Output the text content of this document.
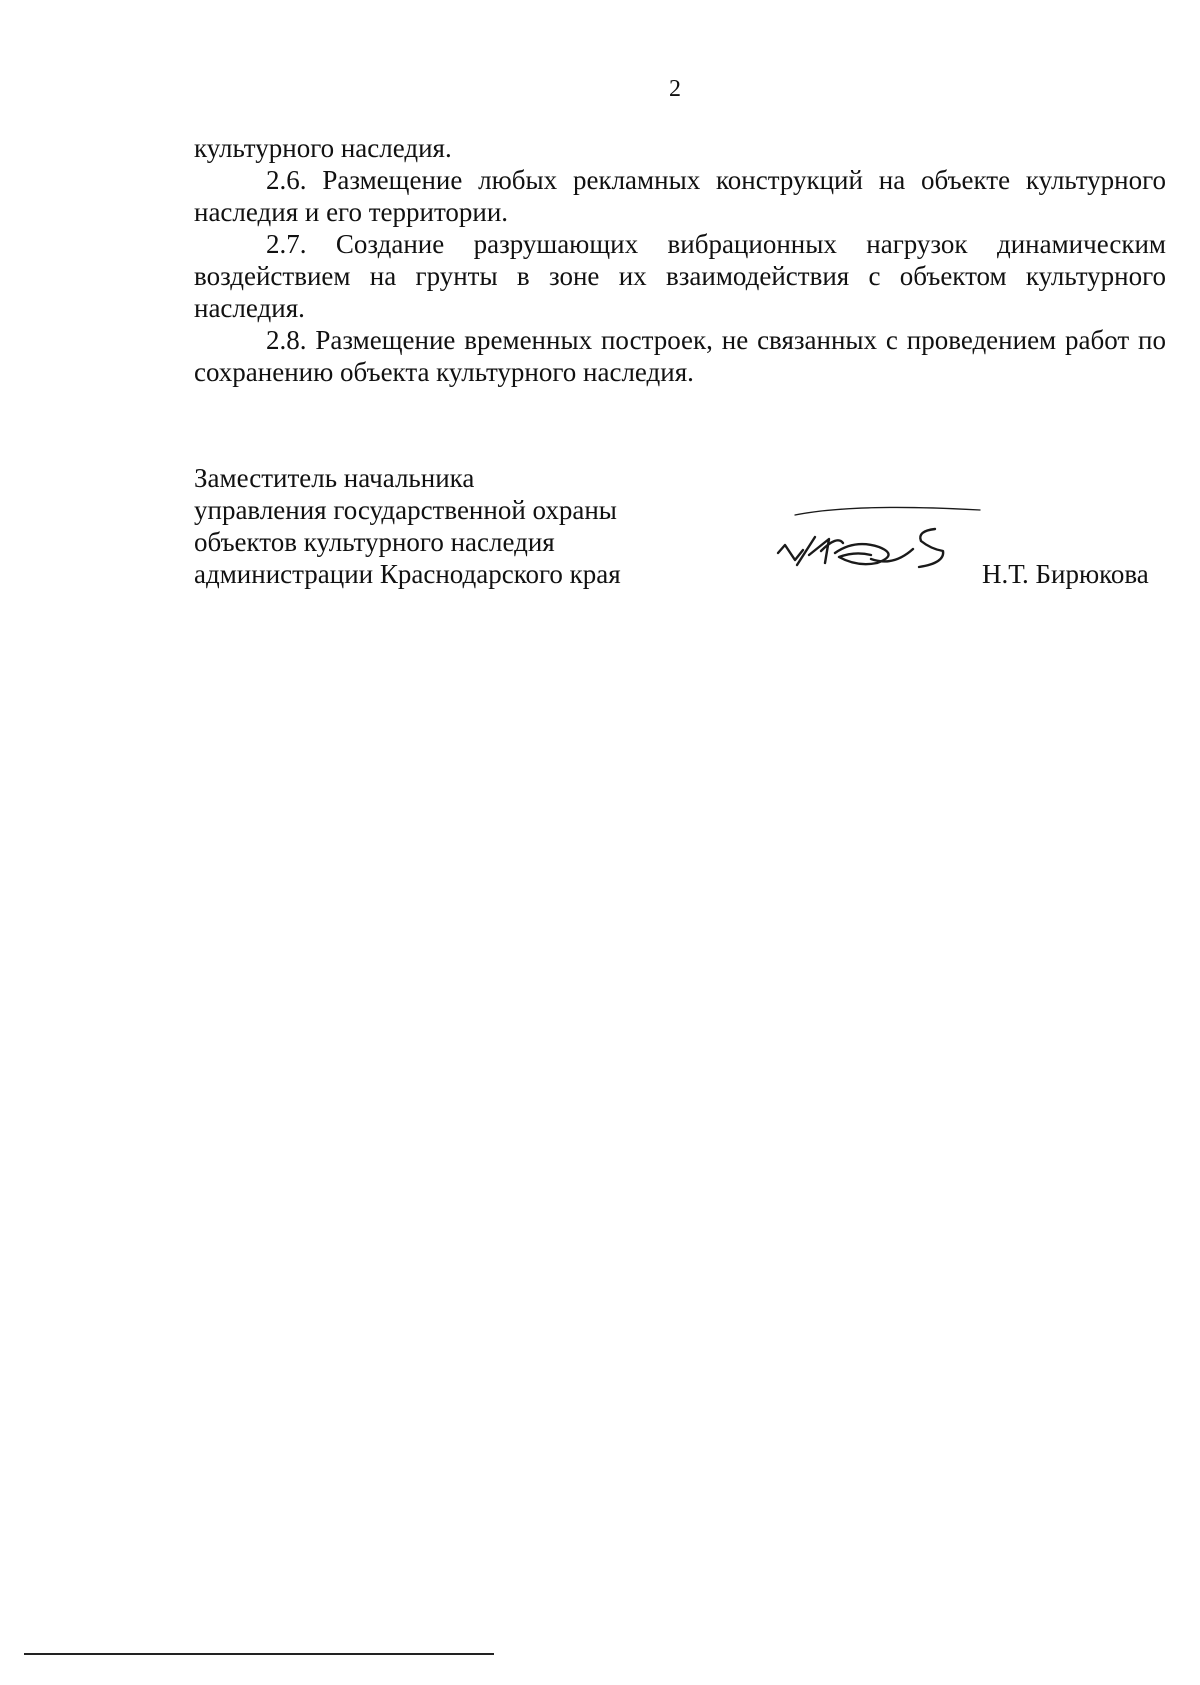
2

культурного наследия.

2.6. Размещение любых рекламных конструкций на объекте культурного наследия и его территории.

2.7. Создание разрушающих вибрационных нагрузок динамическим воздействием на грунты в зоне их взаимодействия с объектом культурного наследия.

2.8. Размещение временных построек, не связанных с проведением работ по сохранению объекта культурного наследия.

Заместитель начальника
управления государственной охраны
объектов культурного наследия
администрации Краснодарского края	Н.Т. Бирюкова
